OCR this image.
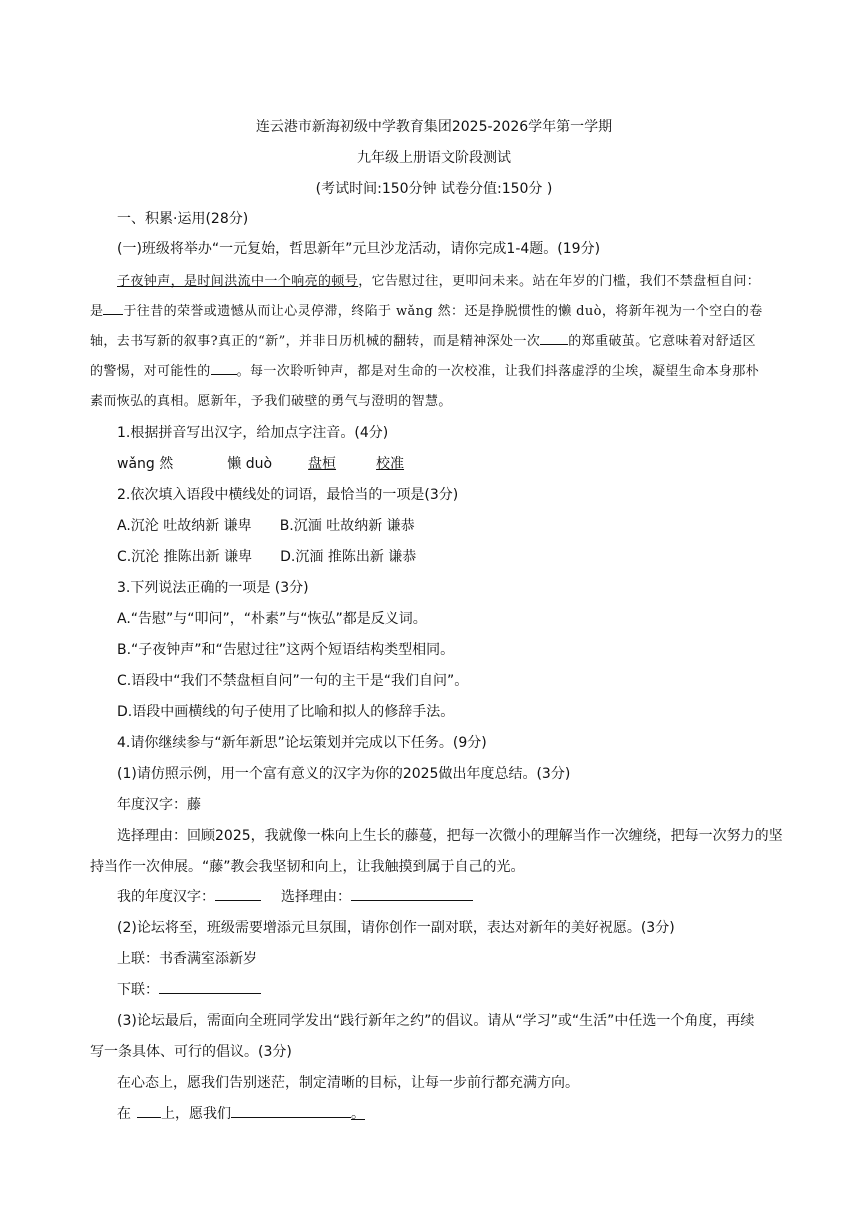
连云港市新海初级中学教育集团2025-2026学年第一学期
九年级上册语文阶段测试
(考试时间:150分钟 试卷分值:150分 )
一、积累·运用(28分)
(一)班级将举办“一元复始，哲思新年”元旦沙龙活动，请你完成1-4题。(19分)
子夜钟声，是时间洪流中一个响亮的顿号，它告慰过往，更叩问未来。站在年岁的门槛，我们不禁盘桓自问：
是 于往昔的荣誉或遗憾从而让心灵停滞，终陷于 wǎng 然：还是挣脱惯性的懒 duò，将新年视为一个空白的卷
轴，去书写新的叙事?真正的“新”，并非日历机械的翻转，而是精神深处一次 的郑重破茧。它意味着对舒适区
的警惕，对可能性的 。每一次聆听钟声，都是对生命的一次校准，让我们抖落虚浮的尘埃，凝望生命本身那朴
素而恢弘的真相。愿新年，予我们破壁的勇气与澄明的智慧。
1.根据拼音写出汉字，给加点字注音。(4分)
wǎng 然	懒 duò	盘桓	校准
2.依次填入语段中横线处的词语，最恰当的一项是(3分)
A.沉沦 吐故纳新 谦卑 B.沉湎 吐故纳新 谦恭
C.沉沦 推陈出新 谦卑 D.沉湎 推陈出新 谦恭
3.下列说法正确的一项是 (3分)
A.“告慰”与“叩问”，“朴素”与“恢弘”都是反义词。
B.“子夜钟声”和“告慰过往”这两个短语结构类型相同。
C.语段中“我们不禁盘桓自问”一句的主干是“我们自问”。
D.语段中画横线的句子使用了比喻和拟人的修辞手法。
4.请你继续参与“新年新思”论坛策划并完成以下任务。(9分)
(1)请仿照示例，用一个富有意义的汉字为你的2025做出年度总结。(3分)
年度汉字：藤
选择理由：回顾2025，我就像一株向上生长的藤蔓，把每一次微小的理解当作一次缠绕，把每一次努力的坚
持当作一次伸展。“藤”教会我坚韧和向上，让我触摸到属于自己的光。
我的年度汉字：	选择理由：
(2)论坛将至，班级需要增添元旦氛围，请你创作一副对联，表达对新年的美好祝愿。(3分)
上联：书香满室添新岁
下联：
(3)论坛最后，需面向全班同学发出“践行新年之约”的倡议。请从“学习”或“生活”中任选一个角度，再续
写一条具体、可行的倡议。(3分)
在心态上，愿我们告别迷茫，制定清晰的目标，让每一步前行都充满方向。
在 上，愿我们	。
